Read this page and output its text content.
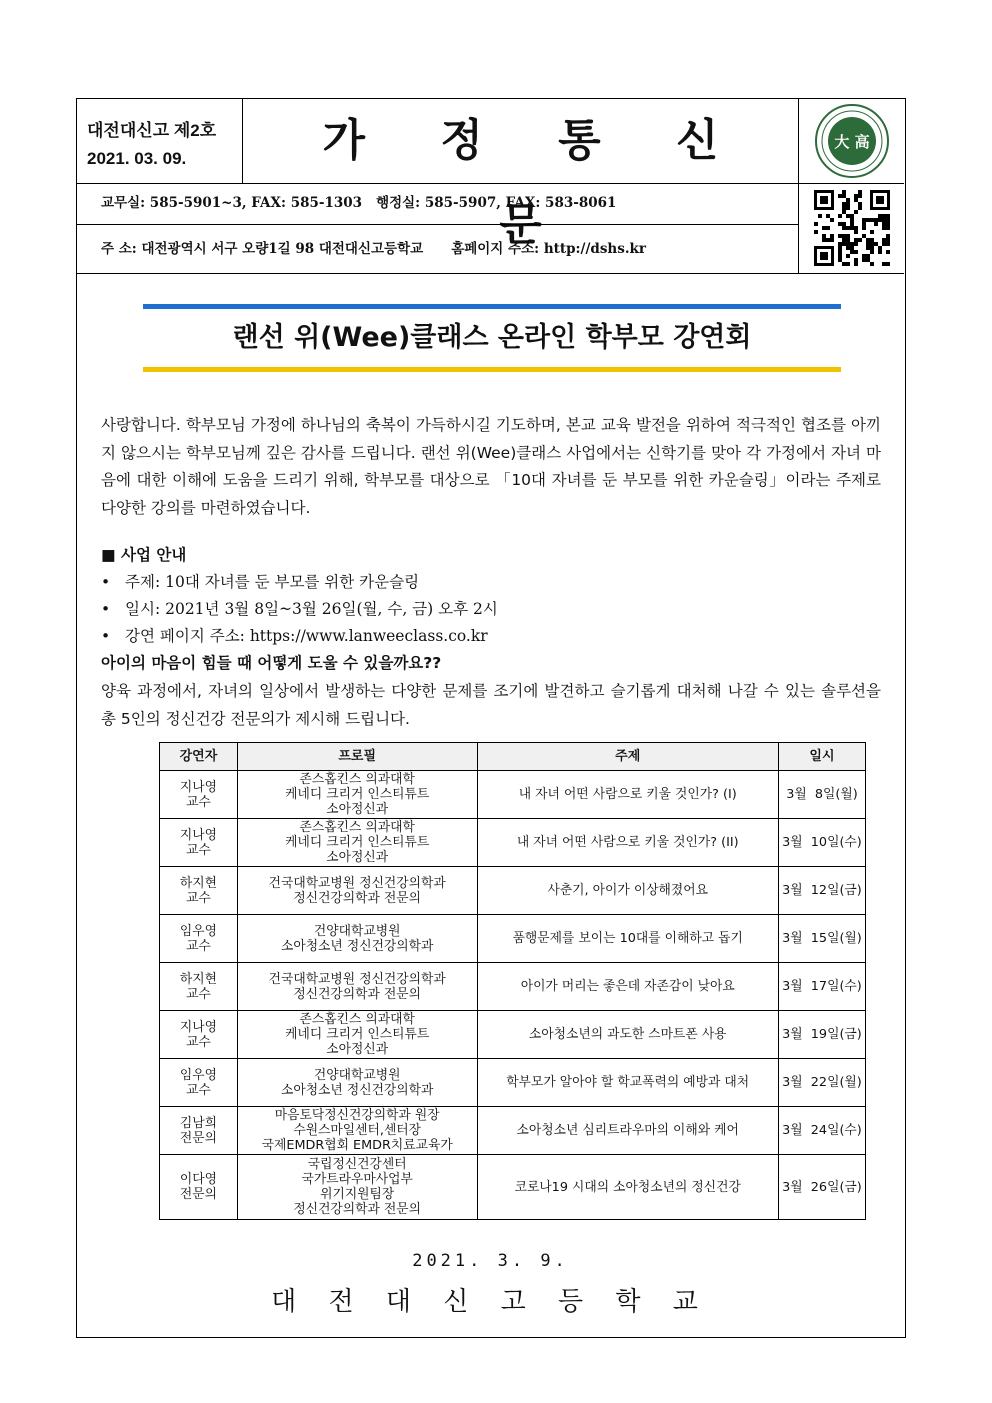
대전대신고 제2호
2021. 03. 09.	가 정 통 신 문
大 高
교무실: 585-5901~3, FAX: 585-1303 행정실: 585-5907, FAX: 583-8061
주 소: 대전광역시 서구 오량1길 98 대전대신고등학교 홈페이지 주소: http://dshs.kr
랜선 위(Wee)클래스 온라인 학부모 강연회
사랑합니다. 학부모님 가정에 하나님의 축복이 가득하시길 기도하며, 본교 교육 발전을 위하여 적극적인 협조를 아끼지 않으시는 학부모님께 깊은 감사를 드립니다. 랜선 위(Wee)클래스 사업에서는 신학기를 맞아 각 가정에서 자녀 마음에 대한 이해에 도움을 드리기 위해, 학부모를 대상으로 「10대 자녀를 둔 부모를 위한 카운슬링」이라는 주제로 다양한 강의를 마련하였습니다.
■ 사업 안내
• 주제: 10대 자녀를 둔 부모를 위한 카운슬링
• 일시: 2021년 3월 8일~3월 26일(월, 수, 금) 오후 2시
• 강연 페이지 주소: https://www.lanweeclass.co.kr
아이의 마음이 힘들 때 어떻게 도울 수 있을까요??
양육 과정에서, 자녀의 일상에서 발생하는 다양한 문제를 조기에 발견하고 슬기롭게 대처해 나갈 수 있는 솔루션을 총 5인의 정신건강 전문의가 제시해 드립니다.
강연자	프로필	주제	일시
지나영
교수	존스홉킨스 의과대학
케네디 크리거 인스티튜트
소아정신과	내 자녀 어떤 사람으로 키울 것인가? (I)	3월  8일(월)
지나영
교수	존스홉킨스 의과대학
케네디 크리거 인스티튜트
소아정신과	내 자녀 어떤 사람으로 키울 것인가? (II)	3월  10일(수)
하지현
교수	건국대학교병원 정신건강의학과
정신건강의학과 전문의	사춘기, 아이가 이상해졌어요	3월  12일(금)
임우영
교수	건양대학교병원
소아청소년 정신건강의학과	품행문제를 보이는 10대를 이해하고 돕기	3월  15일(월)
하지현
교수	건국대학교병원 정신건강의학과
정신건강의학과 전문의	아이가 머리는 좋은데 자존감이 낮아요	3월  17일(수)
지나영
교수	존스홉킨스 의과대학
케네디 크리거 인스티튜트
소아정신과	소아청소년의 과도한 스마트폰 사용	3월  19일(금)
임우영
교수	건양대학교병원
소아청소년 정신건강의학과	학부모가 알아야 할 학교폭력의 예방과 대처	3월  22일(월)
김남희
전문의	마음토닥정신건강의학과 원장
수원스마일센터,센터장
국제EMDR협회 EMDR치료교육가	소아청소년 심리트라우마의 이해와 케어	3월  24일(수)
이다영
전문의	국립정신건강센터
국가트라우마사업부
위기지원팀장
정신건강의학과 전문의	코로나19 시대의 소아청소년의 정신건강	3월  26일(금)
2021. 3. 9.
대 전 대 신 고 등 학 교
